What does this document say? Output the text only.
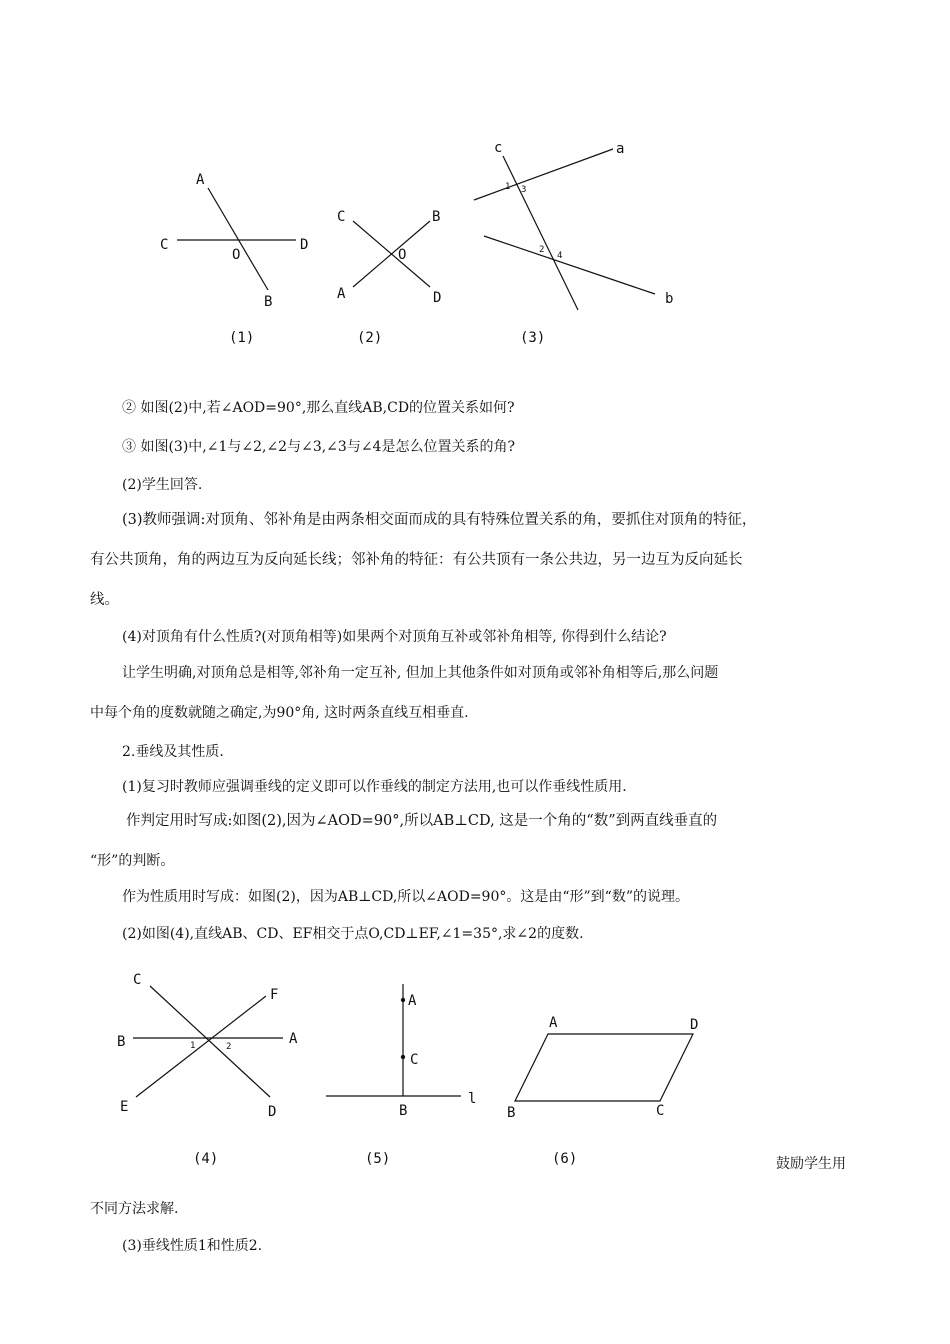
A
C
O
D
B
(1)
C	B
O
A	D
(2)
c	a
b
1 3
2
4
(3)
C
F
B	A
1	2
E	D
(4)
A
C
B
l
(5)
A	D
B	C
(6)
② 如图(2)中,若∠AOD=90°,那么直线AB,CD的位置关系如何?
③ 如图(3)中,∠1与∠2,∠2与∠3,∠3与∠4是怎么位置关系的角?
(2)学生回答.
(3)教师强调:对顶角、邻补角是由两条相交面而成的具有特殊位置关系的角，要抓住对顶角的特征，
有公共顶角，角的两边互为反向延长线；邻补角的特征：有公共顶有一条公共边，另一边互为反向延长
线。
(4)对顶角有什么性质?(对顶角相等)如果两个对顶角互补或邻补角相等, 你得到什么结论?
让学生明确,对顶角总是相等,邻补角一定互补, 但加上其他条件如对顶角或邻补角相等后,那么问题
中每个角的度数就随之确定,为90°角, 这时两条直线互相垂直.
2.垂线及其性质.
(1)复习时教师应强调垂线的定义即可以作垂线的制定方法用,也可以作垂线性质用.
作判定用时写成:如图(2),因为∠AOD=90°,所以AB⊥CD, 这是一个角的“数”到两直线垂直的
“形”的判断。
作为性质用时写成：如图(2)，因为AB⊥CD,所以∠AOD=90°。这是由“形”到“数”的说理。
(2)如图(4),直线AB、CD、EF相交于点O,CD⊥EF,∠1=35°,求∠2的度数.
鼓励学生用
不同方法求解.
(3)垂线性质1和性质2.
